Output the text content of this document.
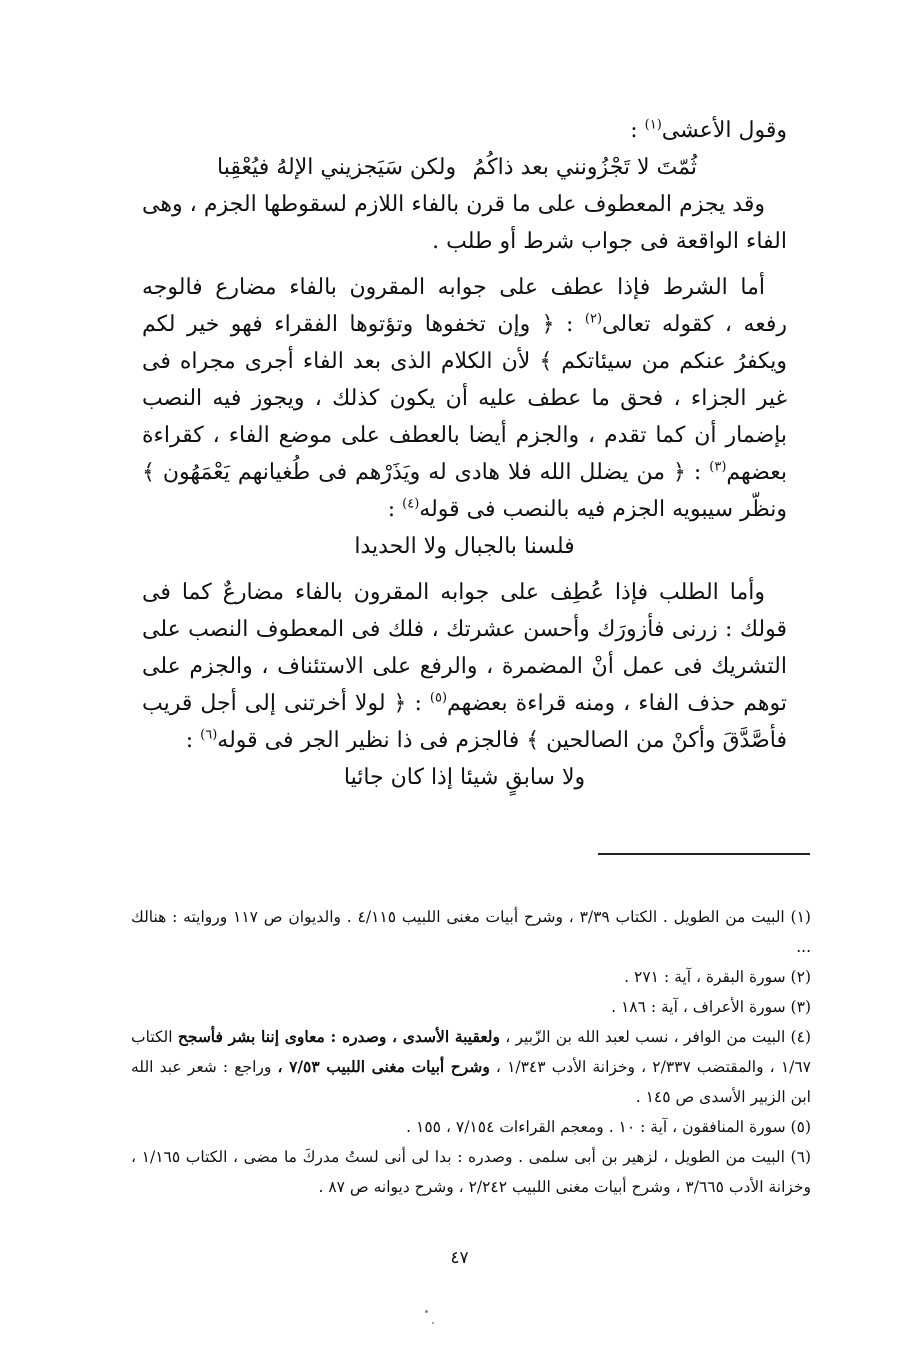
وقول الأعشى$^{(١)}$ :

ثُمّتَ لا تَجْزُونني بعد ذاكُمُ
ولكن سَيَجزيني الإلهُ فيُعْقِبا

وقد يجزم المعطوف على ما قرن بالفاء اللازم لسقوطها الجزم ، وهى الفاء الواقعة فى جواب شرط أو طلب .

أما الشرط فإذا عطف على جوابه المقرون بالفاء مضارع فالوجه رفعه ، كقوله تعالى$^{(٢)}$ : ﴿ وإن تخفوها وتؤتوها الفقراء فهو خير لكم ويكفرُ عنكم من سيئاتكم ﴾ لأن الكلام الذى بعد الفاء أجرى مجراه فى غير الجزاء ، فحق ما عطف عليه أن يكون كذلك ، ويجوز فيه النصب بإضمار أن كما تقدم ، والجزم أيضا بالعطف على موضع الفاء ، كقراءة بعضهم$^{(٣)}$ : ﴿ من يضلل الله فلا هادى له ويَذَرْهم فى طُغيانهم يَعْمَهُون ﴾ ونظّر سيبويه الجزم فيه بالنصب فى قوله$^{(٤)}$ :

فلسنا بالجبال ولا الحديدا

وأما الطلب فإذا عُطِف على جوابه المقرون بالفاء مضارعٌ كما فى قولك : زرنى فأزورَك وأحسن عشرتك ، فلك فى المعطوف النصب على التشريك فى عمل أنْ المضمرة ، والرفع على الاستئناف ، والجزم على توهم حذف الفاء ، ومنه قراءة بعضهم$^{(٥)}$ : ﴿ لولا أخرتنى إلى أجل قريب فأصَّدَّقَ وأكنْ من الصالحين ﴾ فالجزم فى ذا نظير الجر فى قوله$^{(٦)}$ :

ولا سابقٍ شيئا إذا كان جائيا

(١) البيت من الطويل . الكتاب ٣/٣٩ ، وشرح أبيات مغنى اللبيب ٤/١١٥ . والديوان ص ١١٧ وروايته : هنالك ...
(٢) سورة البقرة ، آية : ٢٧١ .
(٣) سورة الأعراف ، آية : ١٨٦ .
(٤) البيت من الوافر ، نسب لعبد الله بن الزّبير ، ولعقيبة الأسدى ، وصدره : معاوى إننا بشر فأسجح الكتاب ١/٦٧ ، والمقتضب ٢/٣٣٧ ، وخزانة الأدب ١/٣٤٣ ، وشرح أبيات مغنى اللبيب ٧/٥٣ ، وراجع : شعر عبد الله ابن الزبير الأسدى ص ١٤٥ .
(٥) سورة المنافقون ، آية : ١٠ . ومعجم القراءات ٧/١٥٤ ، ١٥٥ .
(٦) البيت من الطويل ، لزهير بن أبى سلمى . وصدره : بدا لى أنى لستُ مدركَ ما مضى ، الكتاب ١/١٦٥ ، وخزانة الأدب ٣/٦٦٥ ، وشرح أبيات مغنى اللبيب ٢/٢٤٢ ، وشرح ديوانه ص ٨٧ .
٤٧
